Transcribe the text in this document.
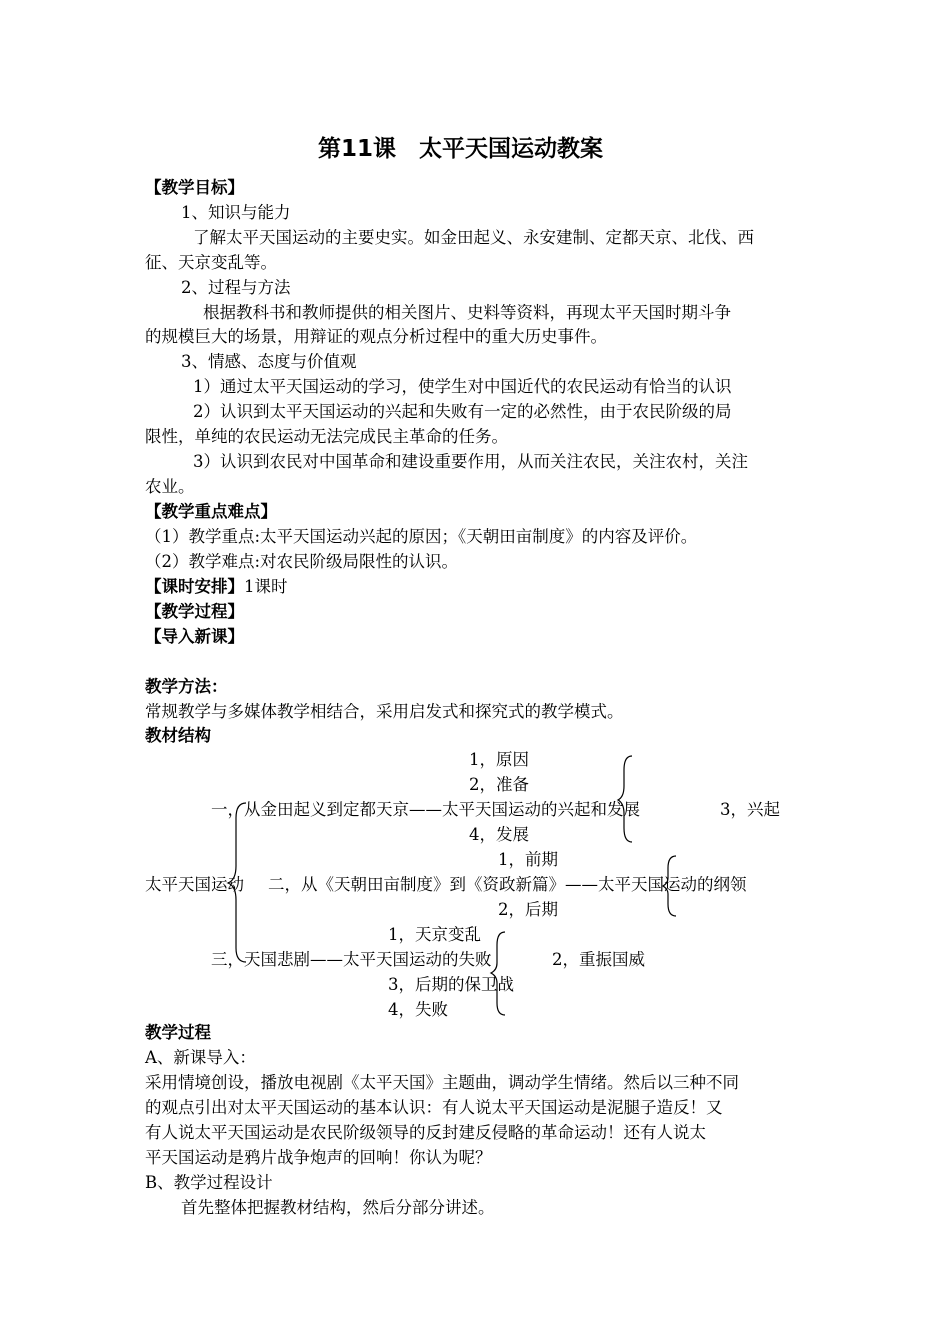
第11课　太平天国运动教案
【教学目标】
1、知识与能力
了解太平天国运动的主要史实。如金田起义、永安建制、定都天京、北伐、西
征、天京变乱等。
2、过程与方法
根据教科书和教师提供的相关图片、史料等资料，再现太平天国时期斗争
的规模巨大的场景，用辩证的观点分析过程中的重大历史事件。
3、情感、态度与价值观
1）通过太平天国运动的学习，使学生对中国近代的农民运动有恰当的认识
2）认识到太平天国运动的兴起和失败有一定的必然性，由于农民阶级的局
限性，单纯的农民运动无法完成民主革命的任务。
3）认识到农民对中国革命和建设重要作用，从而关注农民，关注农村，关注
农业。
【教学重点难点】
（1）教学重点:太平天国运动兴起的原因；《天朝田亩制度》的内容及评价。
（2）教学难点:对农民阶级局限性的认识。
【课时安排】1课时
【教学过程】
【导入新课】
教学方法：
常规教学与多媒体教学相结合，采用启发式和探究式的教学模式。
教材结构
1，原因
2，准备
一，从金田起义到定都天京——太平天国运动的兴起和发展	3，兴起
4，发展
1，前期
太平天国运动 二，从《天朝田亩制度》到《资政新篇》——太平天国运动的纲领
2，后期
1，天京变乱
三，天国悲剧——太平天国运动的失败	2，重振国威
3，后期的保卫战
4，失败
教学过程
A、新课导入：
采用情境创设，播放电视剧《太平天国》主题曲，调动学生情绪。然后以三种不同
的观点引出对太平天国运动的基本认识：有人说太平天国运动是泥腿子造反！又
有人说太平天国运动是农民阶级领导的反封建反侵略的革命运动！还有人说太
平天国运动是鸦片战争炮声的回响！你认为呢？
B、教学过程设计
首先整体把握教材结构，然后分部分讲述。
